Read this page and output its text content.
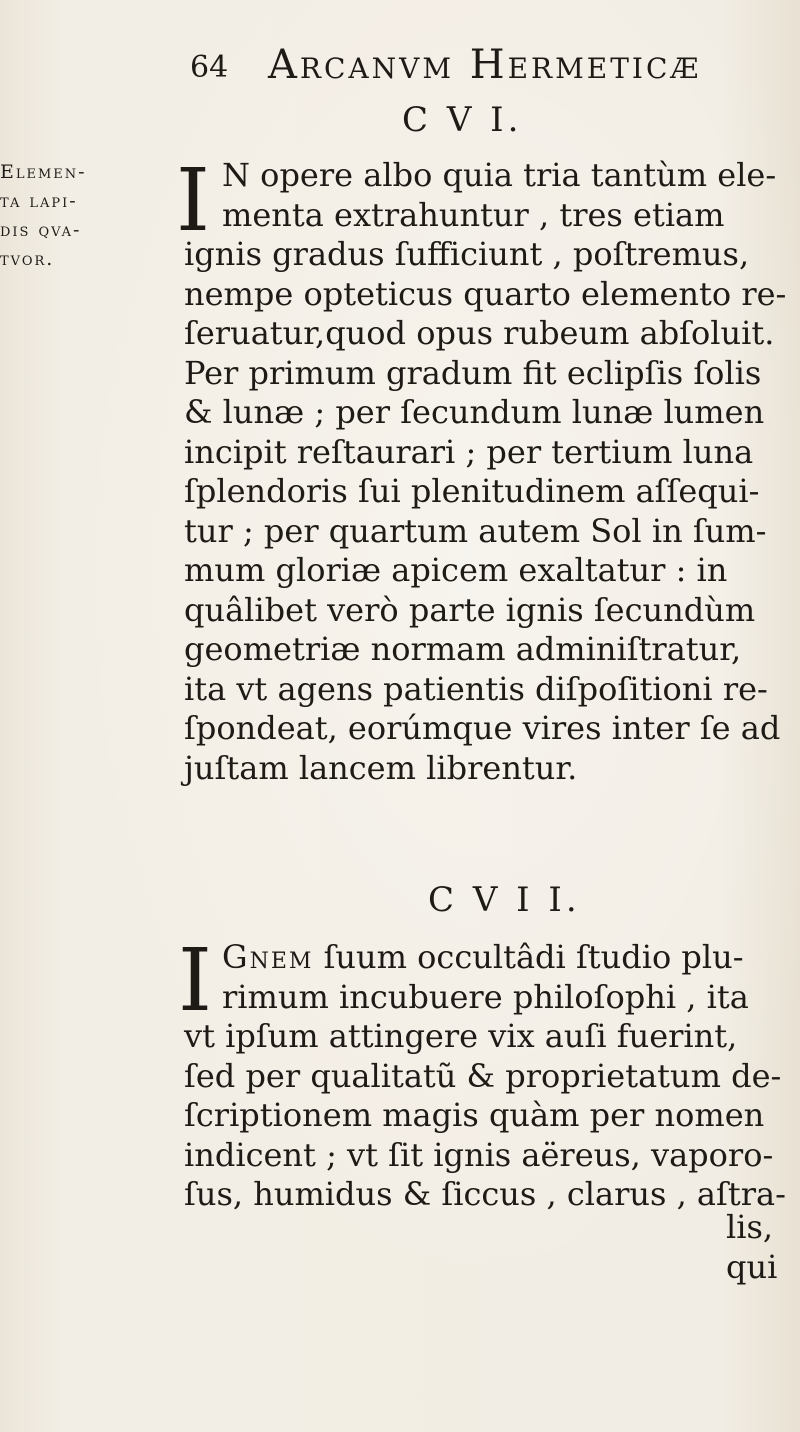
64 Arcanvm Hermeticæ
C V I.
Elemen-
ta lapi-
dis qva-
tvor.
I N opere albo quia tria tantùm ele-
menta extrahuntur , tres etiam
ignis gradus ſufficiunt , poſtremus,
nempe opteticus quarto elemento re-
ſeruatur,quod opus rubeum abſoluit.
Per primum gradum fit eclipſis ſolis
& lunæ ; per ſecundum lunæ lumen
incipit reſtaurari ; per tertium luna
ſplendoris ſui plenitudinem aſſequi-
tur ; per quartum autem Sol in ſum-
mum gloriæ apicem exaltatur : in
quâlibet verò parte ignis ſecundùm
geometriæ normam adminiſtratur,
ita vt agens patientis diſpoſitioni re-
ſpondeat, eorúmque vires inter ſe ad
juſtam lancem librentur.
C V I I.
I Gnem ſuum occultâdi ſtudio plu-
rimum incubuere philoſophi , ita
vt ipſum attingere vix auſi fuerint,
ſed per qualitatũ & proprietatum de-
ſcriptionem magis quàm per nomen
indicent ; vt ſit ignis aëreus, vaporo-
ſus, humidus & ſiccus , clarus , aſtra-
lis, qui
